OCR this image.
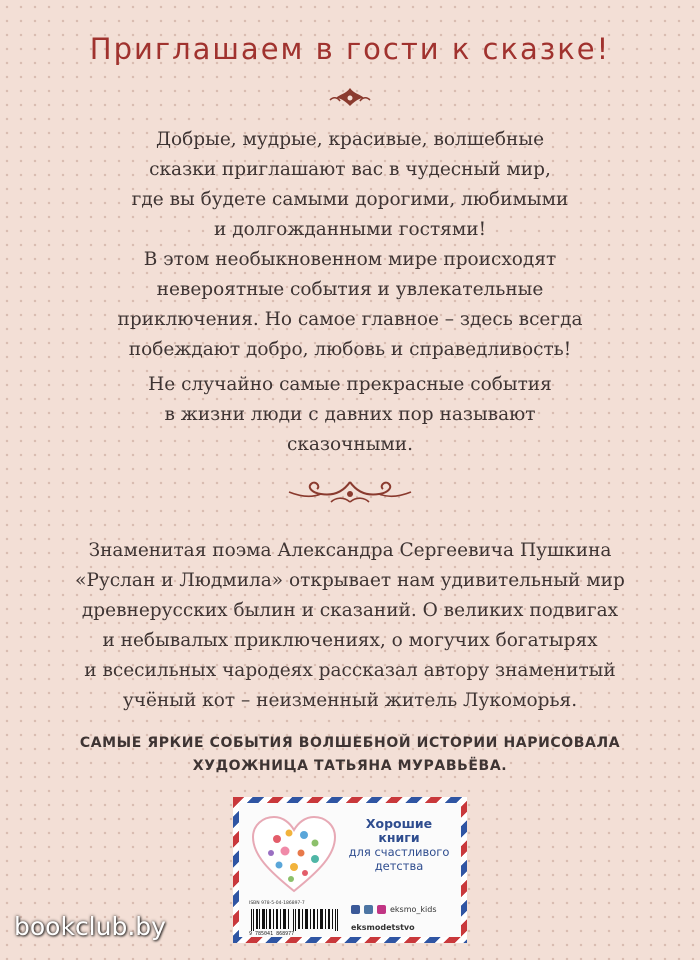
Приглашаем в гости к сказке!

Добрые, мудрые, красивые, волшебные
сказки приглашают вас в чудесный мир,
где вы будете самыми дорогими, любимыми
и долгожданными гостями!

В этом необыкновенном мире происходят
невероятные события и увлекательные
приключения. Но самое главное – здесь всегда
побеждают добро, любовь и справедливость!

Не случайно самые прекрасные события
в жизни люди с давних пор называют
сказочными.

Знаменитая поэма Александра Сергеевича Пушкина
«Руслан и Людмила» открывает нам удивительный мир
древнерусских былин и сказаний. О великих подвигах
и небывалых приключениях, о могучих богатырях
и всесильных чародеях рассказал автору знаменитый
учёный кот – неизменный житель Лукоморья.

САМЫЕ ЯРКИЕ СОБЫТИЯ ВОЛШЕБНОЙ ИСТОРИИ НАРИСОВАЛА
ХУДОЖНИЦА ТАТЬЯНА МУРАВЬЁВА.

Хорошие
книги
для счастливого
детства
ISBN 978-5-04-186897-7
9 785041 868977
eksmo_kids
eksmodetstvo
bookclub.by
